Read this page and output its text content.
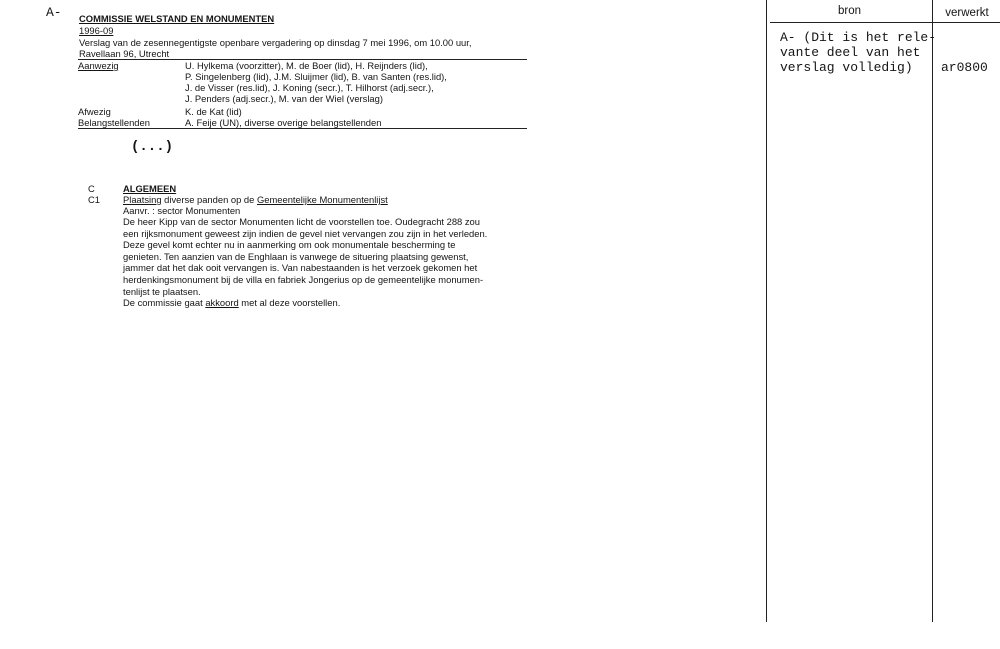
A- COMMISSIE WELSTAND EN MONUMENTEN
1996-09
Verslag van de zesennegentigste openbare vergadering op dinsdag 7 mei 1996, om 10.00 uur,
Ravellaan 96, Utrecht
Aanwezig	U. Hylkema (voorzitter), M. de Boer (lid), H. Reijnders (lid),
P. Singelenberg (lid), J.M. Sluijmer (lid), B. van Santen (res.lid),
J. de Visser (res.lid), J. Koning (secr.), T. Hilhorst (adj.secr.),
J. Penders (adj.secr.), M. van der Wiel (verslag)
Afwezig	K. de Kat (lid)
Belangstellenden	A. Feije (UN), diverse overige belangstellenden
(...)
C	ALGEMEEN
C1 Plaatsing diverse panden op de Gemeentelijke Monumentenlijst
Aanvr. : sector Monumenten
De heer Kipp van de sector Monumenten licht de voorstellen toe. Oudegracht 288 zou
een rijksmonument geweest zijn indien de gevel niet vervangen zou zijn in het verleden.
Deze gevel komt echter nu in aanmerking om ook monumentale bescherming te
genieten. Ten aanzien van de Enghlaan is vanwege de situering plaatsing gewenst,
jammer dat het dak ooit vervangen is. Van nabestaanden is het verzoek gekomen het
herdenkingsmonument bij de villa en fabriek Jongerius op de gemeentelijke monumen-
tenlijst te plaatsen.
De commissie gaat akkoord met al deze voorstellen.
bron	verwerkt
A- (Dit is het rele-
vante deel van het
verslag volledig)	ar0800
